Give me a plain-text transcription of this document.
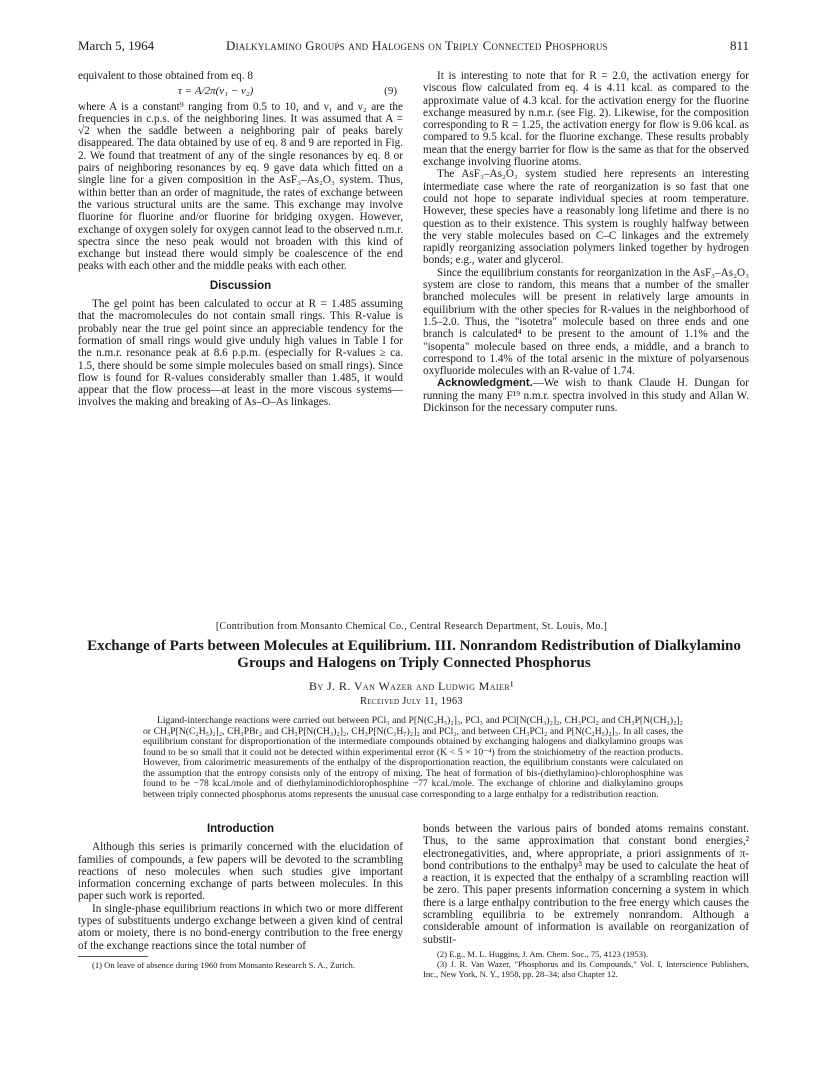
March 5, 1964	Dialkylamino Groups and Halogens on Triply Connected Phosphorus	811

equivalent to those obtained from eq. 8

τ = A/2π(ν₁ − ν₂)	(9)

where A is a constant⁹ ranging from 0.5 to 10, and ν₁ and ν₂ are the frequencies in c.p.s. of the neighboring lines. It was assumed that A = √2 when the saddle between a neighboring pair of peaks barely disappeared. The data obtained by use of eq. 8 and 9 are reported in Fig. 2. We found that treatment of any of the single resonances by eq. 8 or pairs of neighboring resonances by eq. 9 gave data which fitted on a single line for a given composition in the AsF₃–As₂O₃ system. Thus, within better than an order of magnitude, the rates of exchange between the various structural units are the same. This exchange may involve fluorine for fluorine and/or fluorine for bridging oxygen. However, exchange of oxygen solely for oxygen cannot lead to the observed n.m.r. spectra since the neso peak would not broaden with this kind of exchange but instead there would simply be coalescence of the end peaks with each other and the middle peaks with each other.

Discussion

The gel point has been calculated to occur at R = 1.485 assuming that the macromolecules do not contain small rings. This R-value is probably near the true gel point since an appreciable tendency for the formation of small rings would give unduly high values in Table I for the n.m.r. resonance peak at 8.6 p.p.m. (especially for R-values ≥ ca. 1.5, there should be some simple molecules based on small rings). Since flow is found for R-values considerably smaller than 1.485, it would appear that the flow process—at least in the more viscous systems—involves the making and breaking of As–O–As linkages.

It is interesting to note that for R = 2.0, the activation energy for viscous flow calculated from eq. 4 is 4.11 kcal. as compared to the approximate value of 4.3 kcal. for the activation energy for the fluorine exchange measured by n.m.r. (see Fig. 2). Likewise, for the composition corresponding to R = 1.25, the activation energy for flow is 9.06 kcal. as compared to 9.5 kcal. for the fluorine exchange. These results probably mean that the energy barrier for flow is the same as that for the observed exchange involving fluorine atoms.

The AsF₃–As₂O₃ system studied here represents an interesting intermediate case where the rate of reorganization is so fast that one could not hope to separate individual species at room temperature. However, these species have a reasonably long lifetime and there is no question as to their existence. This system is roughly halfway between the very stable molecules based on C–C linkages and the extremely rapidly reorganizing association polymers linked together by hydrogen bonds; e.g., water and glycerol.

Since the equilibrium constants for reorganization in the AsF₃–As₂O₃ system are close to random, this means that a number of the smaller branched molecules will be present in relatively large amounts in equilibrium with the other species for R-values in the neighborhood of 1.5–2.0. Thus, the "isotetra" molecule based on three ends and one branch is calculated⁴ to be present to the amount of 1.1% and the "isopenta" molecule based on three ends, a middle, and a branch to correspond to 1.4% of the total arsenic in the mixture of polyarsenous oxyfluoride molecules with an R-value of 1.74.

Acknowledgment.—We wish to thank Claude H. Dungan for running the many F¹⁹ n.m.r. spectra involved in this study and Allan W. Dickinson for the necessary computer runs.

[Contribution from Monsanto Chemical Co., Central Research Department, St. Louis, Mo.]
Exchange of Parts between Molecules at Equilibrium. III. Nonrandom Redistribution of Dialkylamino Groups and Halogens on Triply Connected Phosphorus
By J. R. Van Wazer and Ludwig Maier¹
Received July 11, 1963

Ligand-interchange reactions were carried out between PCl₃ and P[N(C₂H₅)₂]₃, PCl₃ and PCl[N(CH₃)₂]₂, CH₃PCl₂ and CH₃P[N(CH₃)₂]₂ or CH₃P[N(C₂H₅)₂]₂, CH₃PBr₂ and CH₃P[N(CH₃)₂]₂, CH₃P[N(C₃H₇)₂]₂ and PCl₃, and between CH₃PCl₂ and P[N(C₂H₅)₂]₃. In all cases, the equilibrium constant for disproportionation of the intermediate compounds obtained by exchanging halogens and dialkylamino groups was found to be so small that it could not be detected within experimental error (K < 5 × 10⁻⁴) from the stoichiometry of the reaction products. However, from calorimetric measurements of the enthalpy of the disproportionation reaction, the equilibrium constants were calculated on the assumption that the entropy consists only of the entropy of mixing. The heat of formation of bis-(diethylamino)-chlorophosphine was found to be −78 kcal./mole and of diethylaminodichlorophosphine −77 kcal./mole. The exchange of chlorine and dialkylamino groups between triply connected phosphorus atoms represents the unusual case corresponding to a large enthalpy for a redistribution reaction.

Introduction

Although this series is primarily concerned with the elucidation of families of compounds, a few papers will be devoted to the scrambling reactions of neso molecules when such studies give important information concerning exchange of parts between molecules. In this paper such work is reported.

In single-phase equilibrium reactions in which two or more different types of substituents undergo exchange between a given kind of central atom or moiety, there is no bond-energy contribution to the free energy of the exchange reactions since the total number of

(1) On leave of absence during 1960 from Monsanto Research S. A., Zurich.

bonds between the various pairs of bonded atoms remains constant. Thus, to the same approximation that constant bond energies,² electronegativities, and, where appropriate, a priori assignments of π-bond contributions to the enthalpy³ may be used to calculate the heat of a reaction, it is expected that the enthalpy of a scrambling reaction will be zero. This paper presents information concerning a system in which there is a large enthalpy contribution to the free energy which causes the scrambling equilibria to be extremely nonrandom. Although a considerable amount of information is available on reorganization of substit-

(2) E.g., M. L. Huggins, J. Am. Chem. Soc., 75, 4123 (1953).

(3) J. R. Van Wazer, "Phosphorus and Its Compounds," Vol. I, Interscience Publishers, Inc., New York, N. Y., 1958, pp. 28–34; also Chapter 12.
